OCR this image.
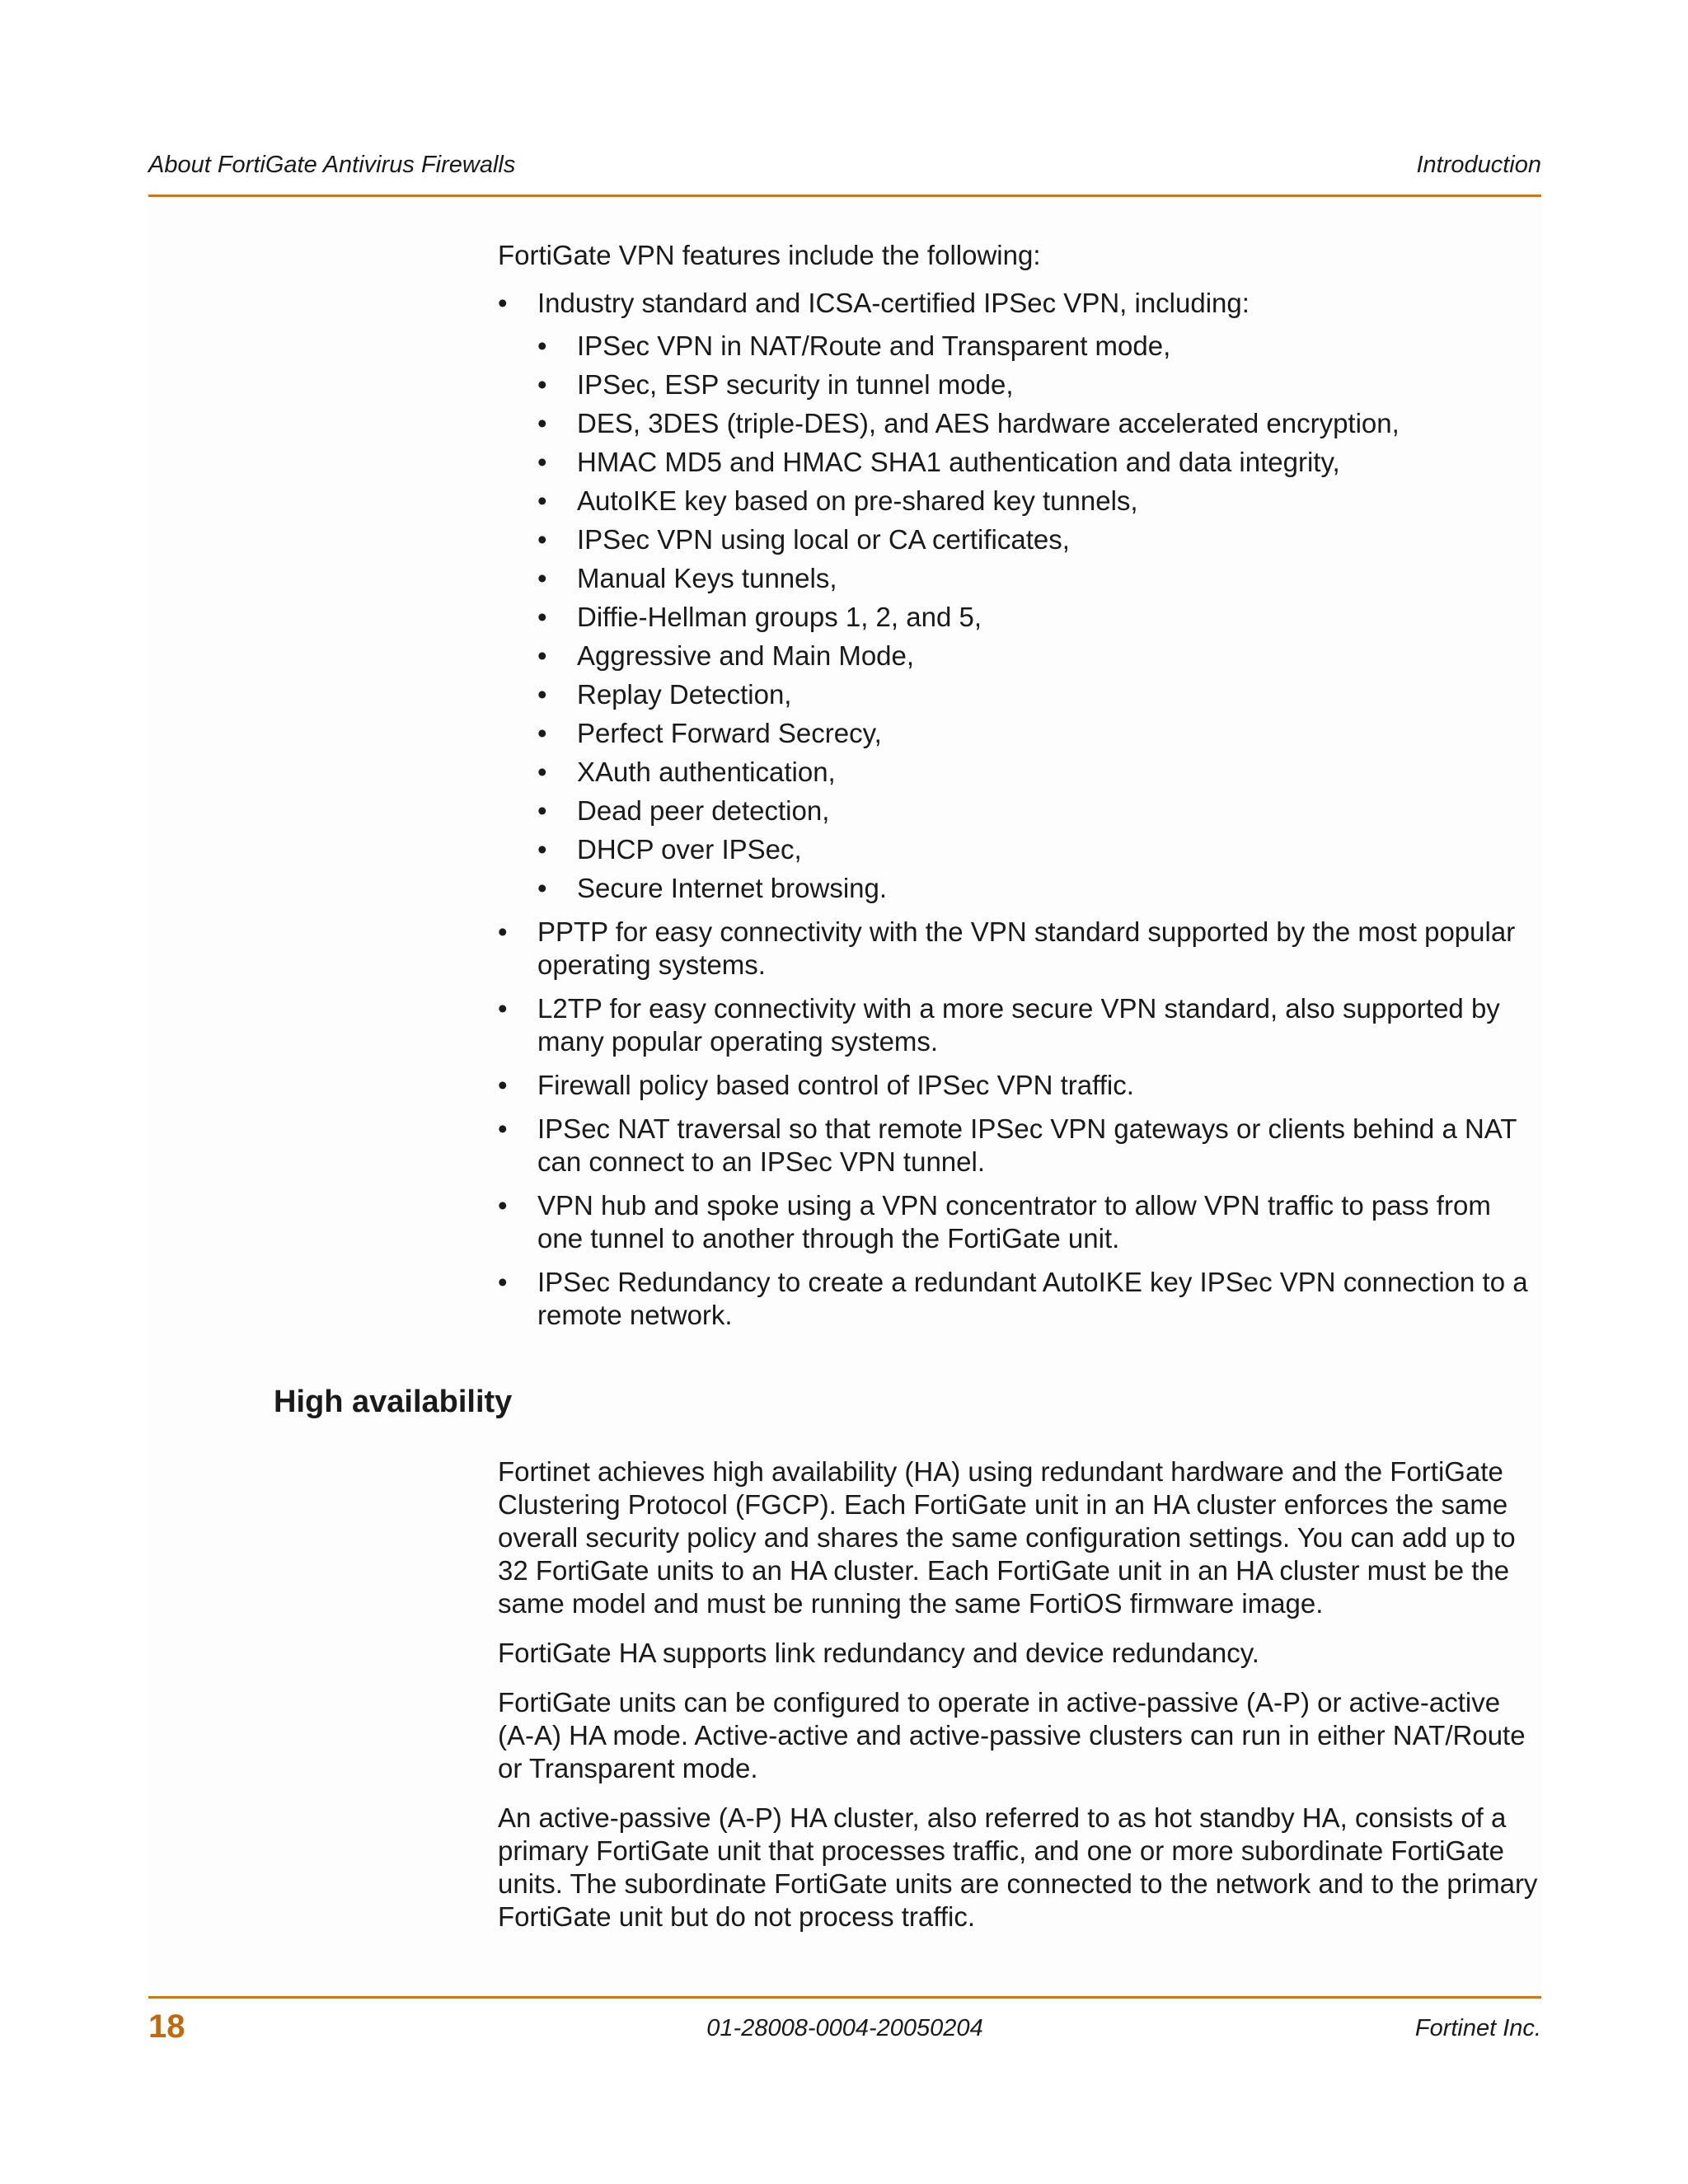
About FortiGate Antivirus Firewalls	Introduction

FortiGate VPN features include the following:

• Industry standard and ICSA-certified IPSec VPN, including:
• IPSec VPN in NAT/Route and Transparent mode,
• IPSec, ESP security in tunnel mode,
• DES, 3DES (triple-DES), and AES hardware accelerated encryption,
• HMAC MD5 and HMAC SHA1 authentication and data integrity,
• AutoIKE key based on pre-shared key tunnels,
• IPSec VPN using local or CA certificates,
• Manual Keys tunnels,
• Diffie-Hellman groups 1, 2, and 5,
• Aggressive and Main Mode,
• Replay Detection,
• Perfect Forward Secrecy,
• XAuth authentication,
• Dead peer detection,
• DHCP over IPSec,
• Secure Internet browsing.
• PPTP for easy connectivity with the VPN standard supported by the most popular operating systems.
• L2TP for easy connectivity with a more secure VPN standard, also supported by many popular operating systems.
• Firewall policy based control of IPSec VPN traffic.
• IPSec NAT traversal so that remote IPSec VPN gateways or clients behind a NAT can connect to an IPSec VPN tunnel.
• VPN hub and spoke using a VPN concentrator to allow VPN traffic to pass from one tunnel to another through the FortiGate unit.
• IPSec Redundancy to create a redundant AutoIKE key IPSec VPN connection to a remote network.
High availability

Fortinet achieves high availability (HA) using redundant hardware and the FortiGate Clustering Protocol (FGCP). Each FortiGate unit in an HA cluster enforces the same overall security policy and shares the same configuration settings. You can add up to 32 FortiGate units to an HA cluster. Each FortiGate unit in an HA cluster must be the same model and must be running the same FortiOS firmware image.

FortiGate HA supports link redundancy and device redundancy.

FortiGate units can be configured to operate in active-passive (A-P) or active-active (A-A) HA mode. Active-active and active-passive clusters can run in either NAT/Route or Transparent mode.

An active-passive (A-P) HA cluster, also referred to as hot standby HA, consists of a primary FortiGate unit that processes traffic, and one or more subordinate FortiGate units. The subordinate FortiGate units are connected to the network and to the primary FortiGate unit but do not process traffic.

18	01-28008-0004-20050204	Fortinet Inc.
